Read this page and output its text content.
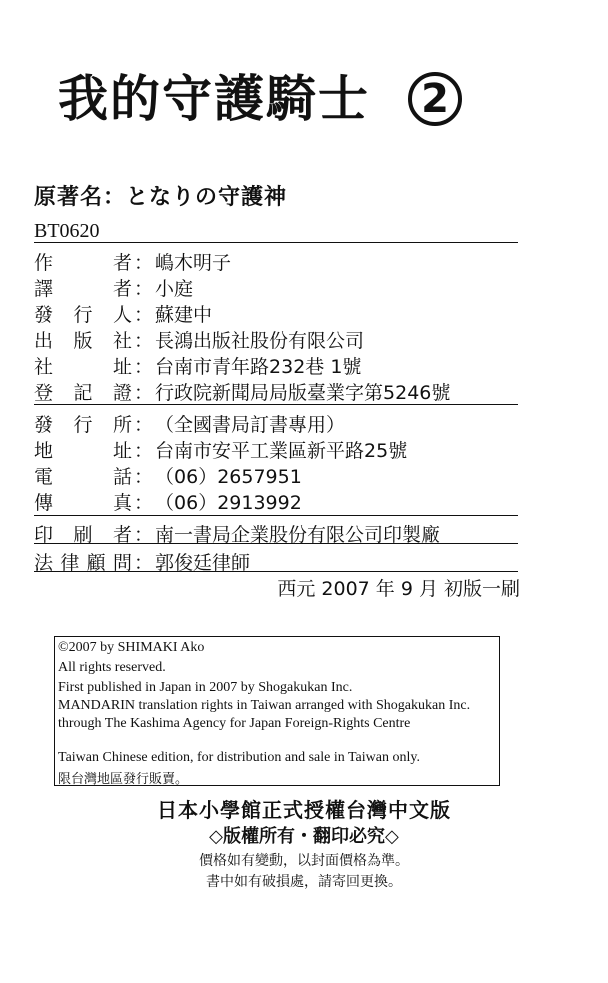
我的守護騎士 2
原著名：となりの守護神
BT0620
作	者 ： 嶋木明子
譯	者 ： 小庭
發 行 人 ： 蘇建中
出 版 社 ： 長鴻出版社股份有限公司
社	址 ： 台南市青年路232巷 1號
登 記 證 ： 行政院新聞局局版臺業字第5246號
發 行 所 ： （全國書局訂書專用）
地	址 ： 台南市安平工業區新平路25號
電	話 ： （06）2657951
傳	真 ： （06）2913992
印 刷 者 ： 南一書局企業股份有限公司印製廠
法 律 顧 問 ： 郭俊廷律師
西元 2007 年 9 月 初版一刷
©2007 by SHIMAKI Ako
All rights reserved.
First published in Japan in 2007 by Shogakukan Inc.
MANDARIN translation rights in Taiwan arranged with Shogakukan Inc.
through The Kashima Agency for Japan Foreign-Rights Centre
Taiwan Chinese edition, for distribution and sale in Taiwan only.
限台灣地區發行販賣。
日本小學館正式授權台灣中文版
◇版權所有・翻印必究◇
價格如有變動，以封面價格為準。
書中如有破損處，請寄回更換。
